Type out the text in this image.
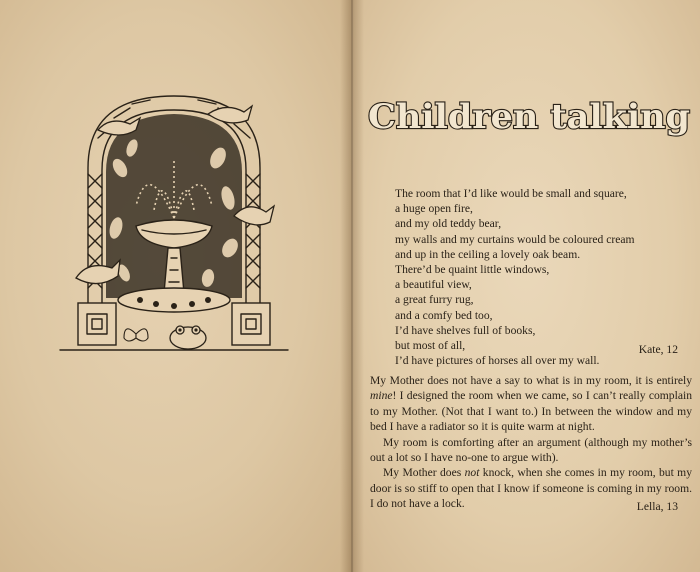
Children talking
The room that I’d like would be small and square,
a huge open fire,
and my old teddy bear,
my walls and my curtains would be coloured cream
and up in the ceiling a lovely oak beam.
There’d be quaint little windows,
a beautiful view,
a great furry rug,
and a comfy bed too,
I’d have shelves full of books,
but most of all,
I’d have pictures of horses all over my wall.
Kate, 12

My Mother does not have a say to what is in my room, it is entirely mine! I designed the room when we came, so I can’t really complain to my Mother. (Not that I want to.) In between the window and my bed I have a radiator so it is quite warm at night.

My room is comforting after an argument (although my mother’s out a lot so I have no-one to argue with).

My Mother does not knock, when she comes in my room, but my door is so stiff to open that I know if someone is coming in my room. I do not have a lock.	Lella, 13
